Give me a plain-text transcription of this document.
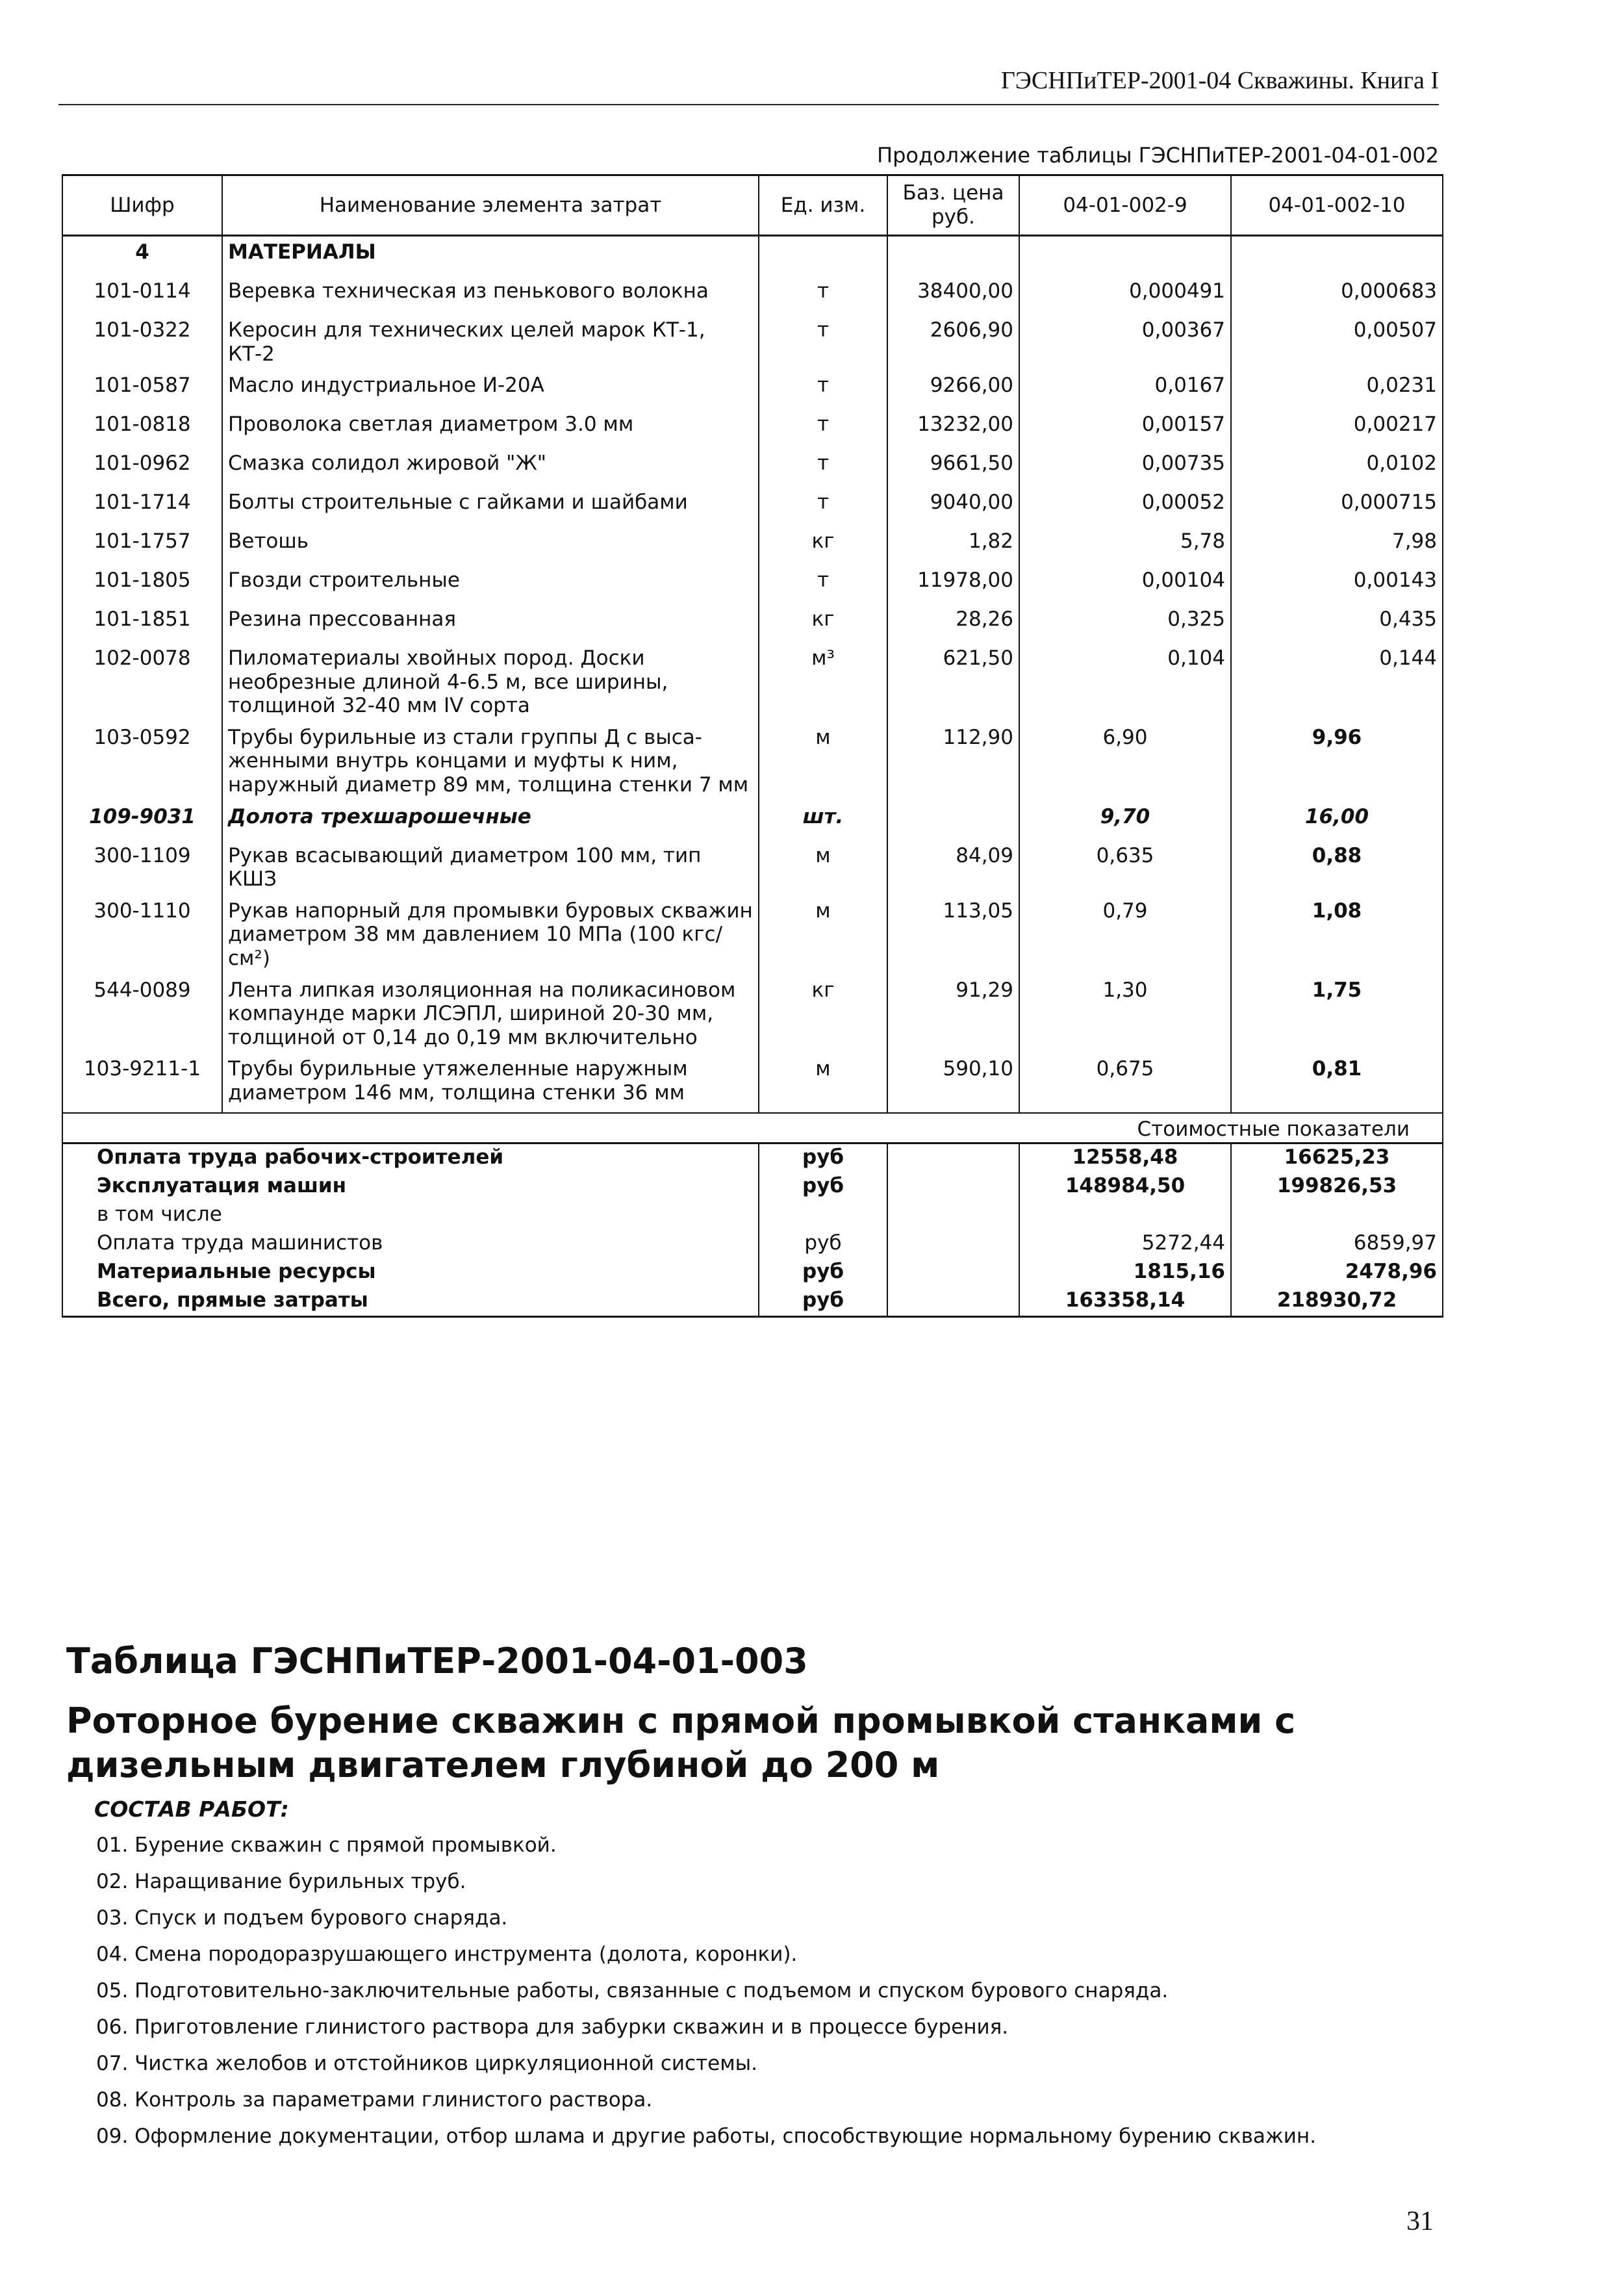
ГЭСНПиТЕР-2001-04 Скважины. Книга I
Продолжение таблицы ГЭСНПиТЕР-2001-04-01-002
Шифр	Наименование элемента затрат	Ед. изм.	Баз. цена руб.	04-01-002-9	04-01-002-10
4	МАТЕРИАЛЫ				
101-0114	Веревка техническая из пенькового волокна	т	38400,00	0,000491	0,000683
101-0322	Керосин для технических целей марок КТ-1, КТ-2	т	2606,90	0,00367	0,00507
101-0587	Масло индустриальное И-20А	т	9266,00	0,0167	0,0231
101-0818	Проволока светлая диаметром 3.0 мм	т	13232,00	0,00157	0,00217
101-0962	Смазка солидол жировой "Ж"	т	9661,50	0,00735	0,0102
101-1714	Болты строительные с гайками и шайбами	т	9040,00	0,00052	0,000715
101-1757	Ветошь	кг	1,82	5,78	7,98
101-1805	Гвозди строительные	т	11978,00	0,00104	0,00143
101-1851	Резина прессованная	кг	28,26	0,325	0,435
102-0078	Пиломатериалы хвойных пород. Доски необрезные длиной 4-6.5 м, все ширины, толщиной 32-40 мм IV сорта	м³	621,50	0,104	0,144
103-0592	Трубы бурильные из стали группы Д с выса-женными внутрь концами и муфты к ним, наружный диаметр 89 мм, толщина стенки 7 мм	м	112,90	6,90	9,96
109-9031	Долота трехшарошечные	шт.		9,70	16,00
300-1109	Рукав всасывающий диаметром 100 мм, тип КШЗ	м	84,09	0,635	0,88
300-1110	Рукав напорный для промывки буровых скважин диаметром 38 мм давлением 10 МПа (100 кгс/см²)	м	113,05	0,79	1,08
544-0089	Лента липкая изоляционная на поликасиновом компаунде марки ЛСЭПЛ, шириной 20-30 мм, толщиной от 0,14 до 0,19 мм включительно	кг	91,29	1,30	1,75
103-9211-1	Трубы бурильные утяжеленные наружным диаметром 146 мм, толщина стенки 36 мм	м	590,10	0,675	0,81
Стоимостные показатели					
Оплата труда рабочих-строителей		руб		12558,48	16625,23
Эксплуатация машин		руб		148984,50	199826,53
в том числе					
Оплата труда машинистов		руб		5272,44	6859,97
Материальные ресурсы		руб		1815,16	2478,96
Всего, прямые затраты		руб		163358,14	218930,72
Таблица ГЭСНПиТЕР-2001-04-01-003
Роторное бурение скважин с прямой промывкой станками с дизельным двигателем глубиной до 200 м
СОСТАВ РАБОТ:
01. Бурение скважин с прямой промывкой.
02. Наращивание бурильных труб.
03. Спуск и подъем бурового снаряда.
04. Смена породоразрушающего инструмента (долота, коронки).
05. Подготовительно-заключительные работы, связанные с подъемом и спуском бурового снаряда.
06. Приготовление глинистого раствора для забурки скважин и в процессе бурения.
07. Чистка желобов и отстойников циркуляционной системы.
08. Контроль за параметрами глинистого раствора.
09. Оформление документации, отбор шлама и другие работы, способствующие нормальному бурению скважин.
31
